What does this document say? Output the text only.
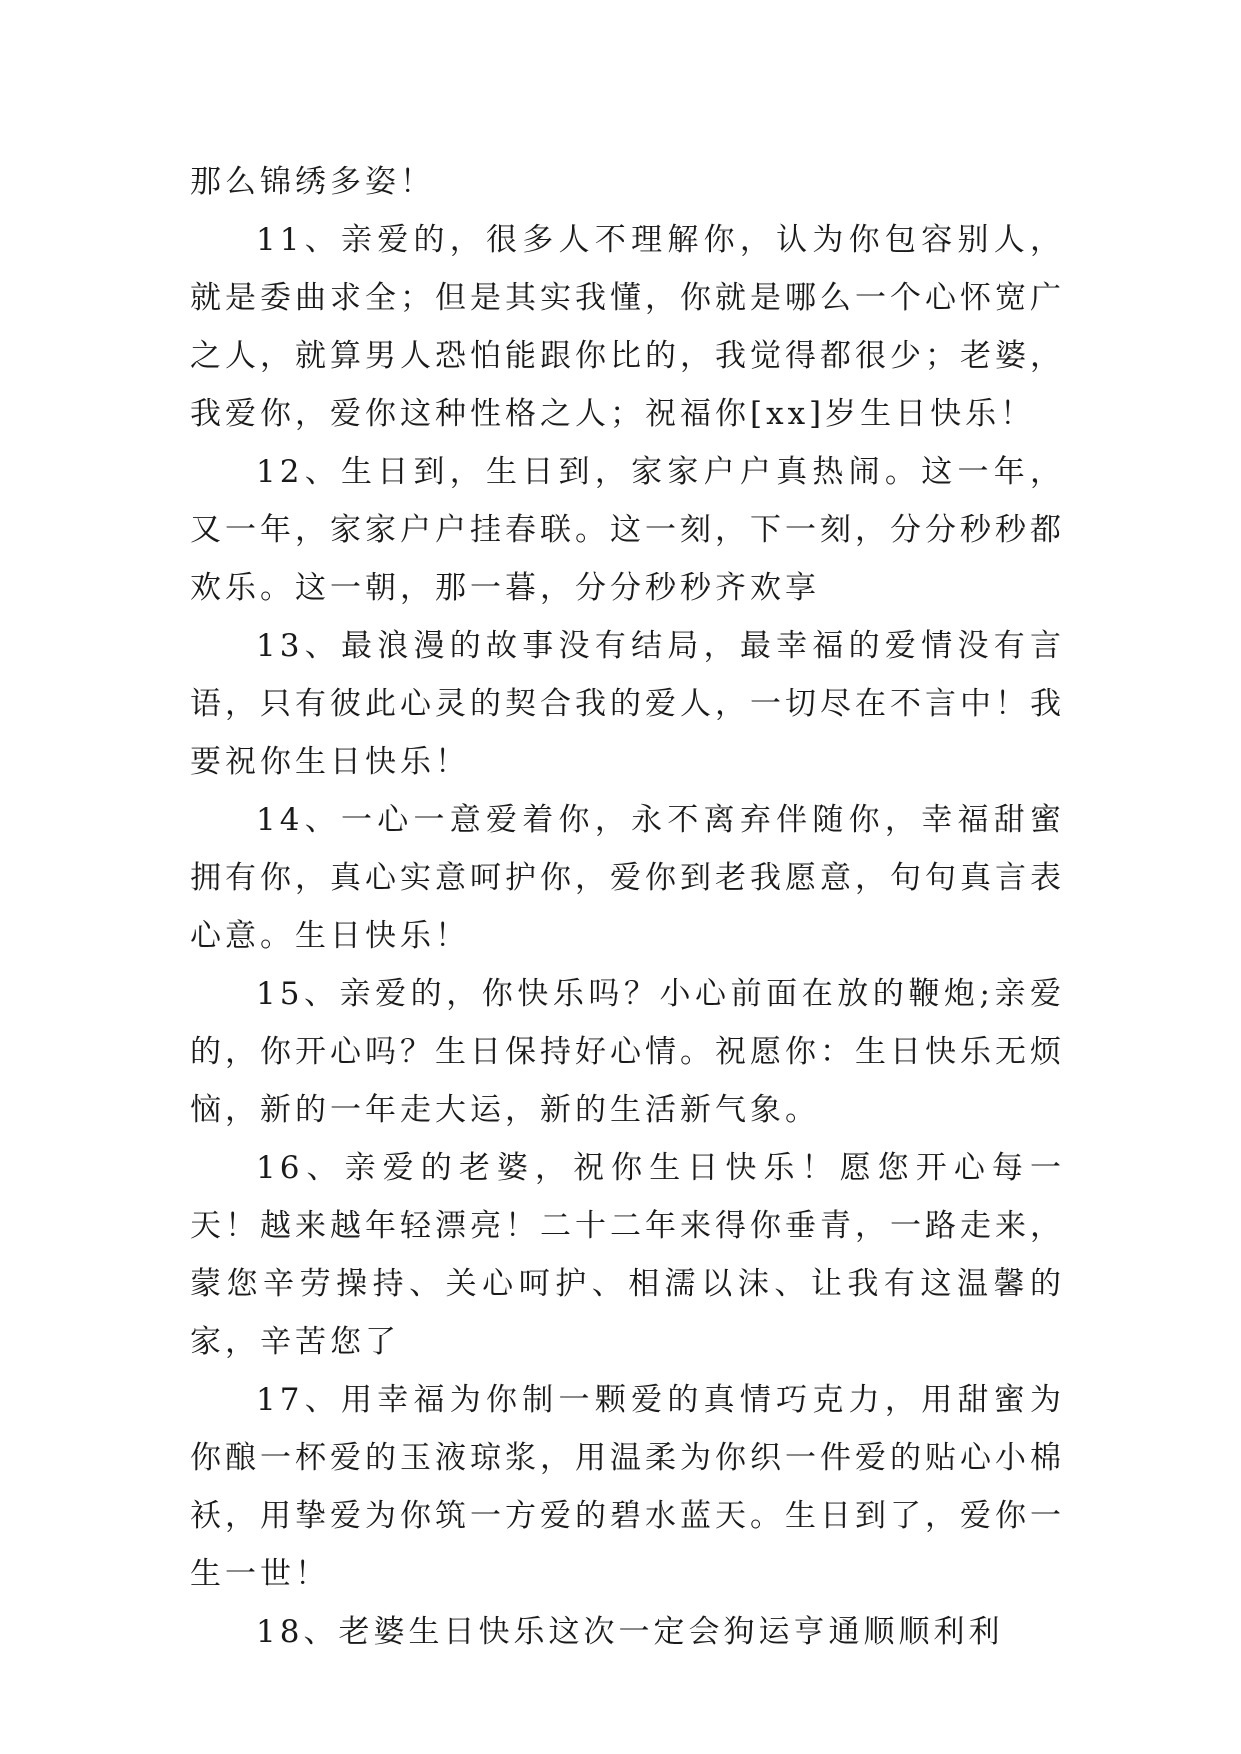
那么锦绣多姿！

11、亲爱的，很多人不理解你，认为你包容别人，就是委曲求全；但是其实我懂，你就是哪么一个心怀宽广之人，就算男人恐怕能跟你比的，我觉得都很少；老婆，我爱你，爱你这种性格之人；祝福你[xx]岁生日快乐！

12、生日到，生日到，家家户户真热闹。这一年，又一年，家家户户挂春联。这一刻，下一刻，分分秒秒都欢乐。这一朝，那一暮，分分秒秒齐欢享

13、最浪漫的故事没有结局，最幸福的爱情没有言语，只有彼此心灵的契合我的爱人，一切尽在不言中！我要祝你生日快乐！

14、一心一意爱着你，永不离弃伴随你，幸福甜蜜拥有你，真心实意呵护你，爱你到老我愿意，句句真言表心意。生日快乐！

15、亲爱的，你快乐吗？小心前面在放的鞭炮;亲爱的，你开心吗？生日保持好心情。祝愿你：生日快乐无烦恼，新的一年走大运，新的生活新气象。

16、亲爱的老婆，祝你生日快乐！愿您开心每一天！越来越年轻漂亮！二十二年来得你垂青，一路走来，蒙您辛劳操持、关心呵护、相濡以沫、让我有这温馨的家，辛苦您了

17、用幸福为你制一颗爱的真情巧克力，用甜蜜为你酿一杯爱的玉液琼浆，用温柔为你织一件爱的贴心小棉袄，用挚爱为你筑一方爱的碧水蓝天。生日到了，爱你一生一世！

18、老婆生日快乐这次一定会狗运亨通顺顺利利
